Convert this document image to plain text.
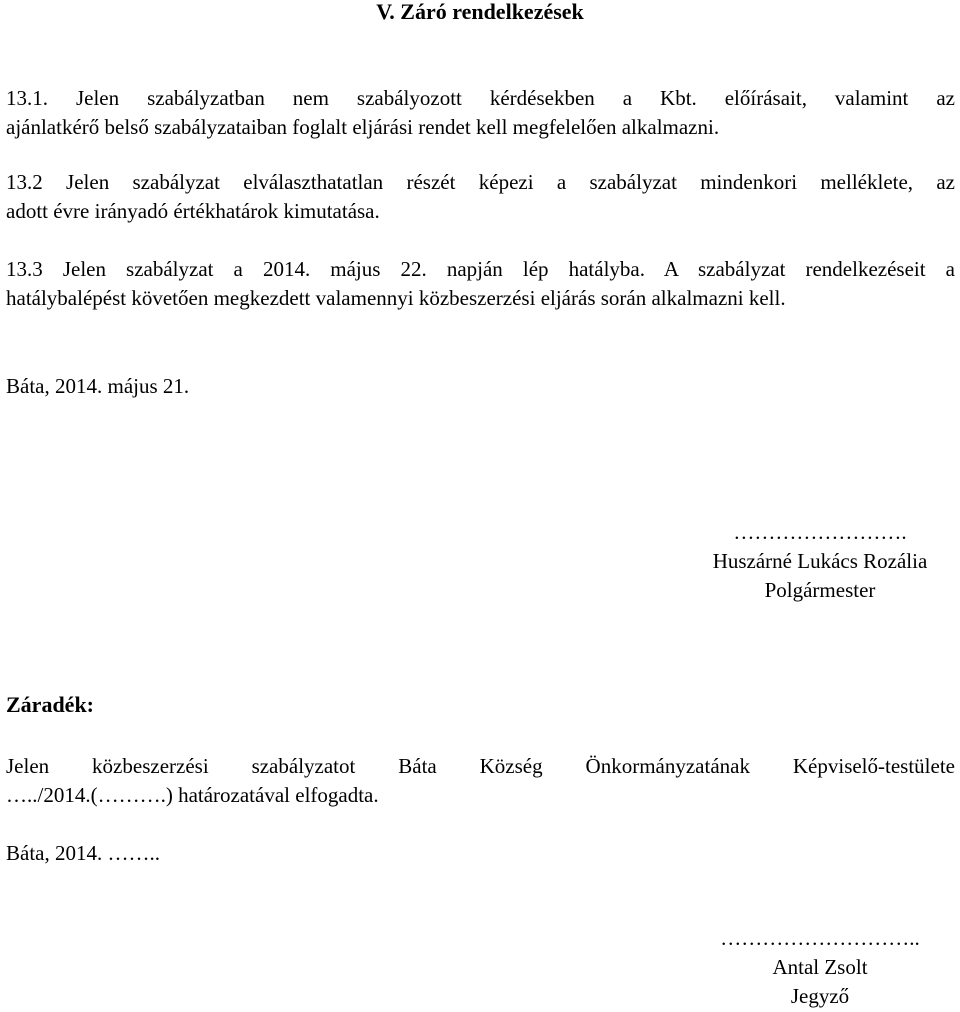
V. Záró rendelkezések
13.1. Jelen szabályzatban nem szabályozott kérdésekben a Kbt. előírásait, valamint az
ajánlatkérő belső szabályzataiban foglalt eljárási rendet kell megfelelően alkalmazni.
13.2 Jelen szabályzat elválaszthatatlan részét képezi a szabályzat mindenkori melléklete, az
adott évre irányadó értékhatárok kimutatása.
13.3 Jelen szabályzat a 2014. május 22. napján lép hatályba. A szabályzat rendelkezéseit a
hatálybalépést követően megkezdett valamennyi közbeszerzési eljárás során alkalmazni kell.
Báta, 2014. május 21.
…………………….
Huszárné Lukács Rozália
Polgármester
Záradék:
Jelen közbeszerzési szabályzatot Báta Község Önkormányzatának Képviselő-testülete
…../2014.(……….) határozatával elfogadta.
Báta, 2014. ……..
………………………..
Antal Zsolt
Jegyző
